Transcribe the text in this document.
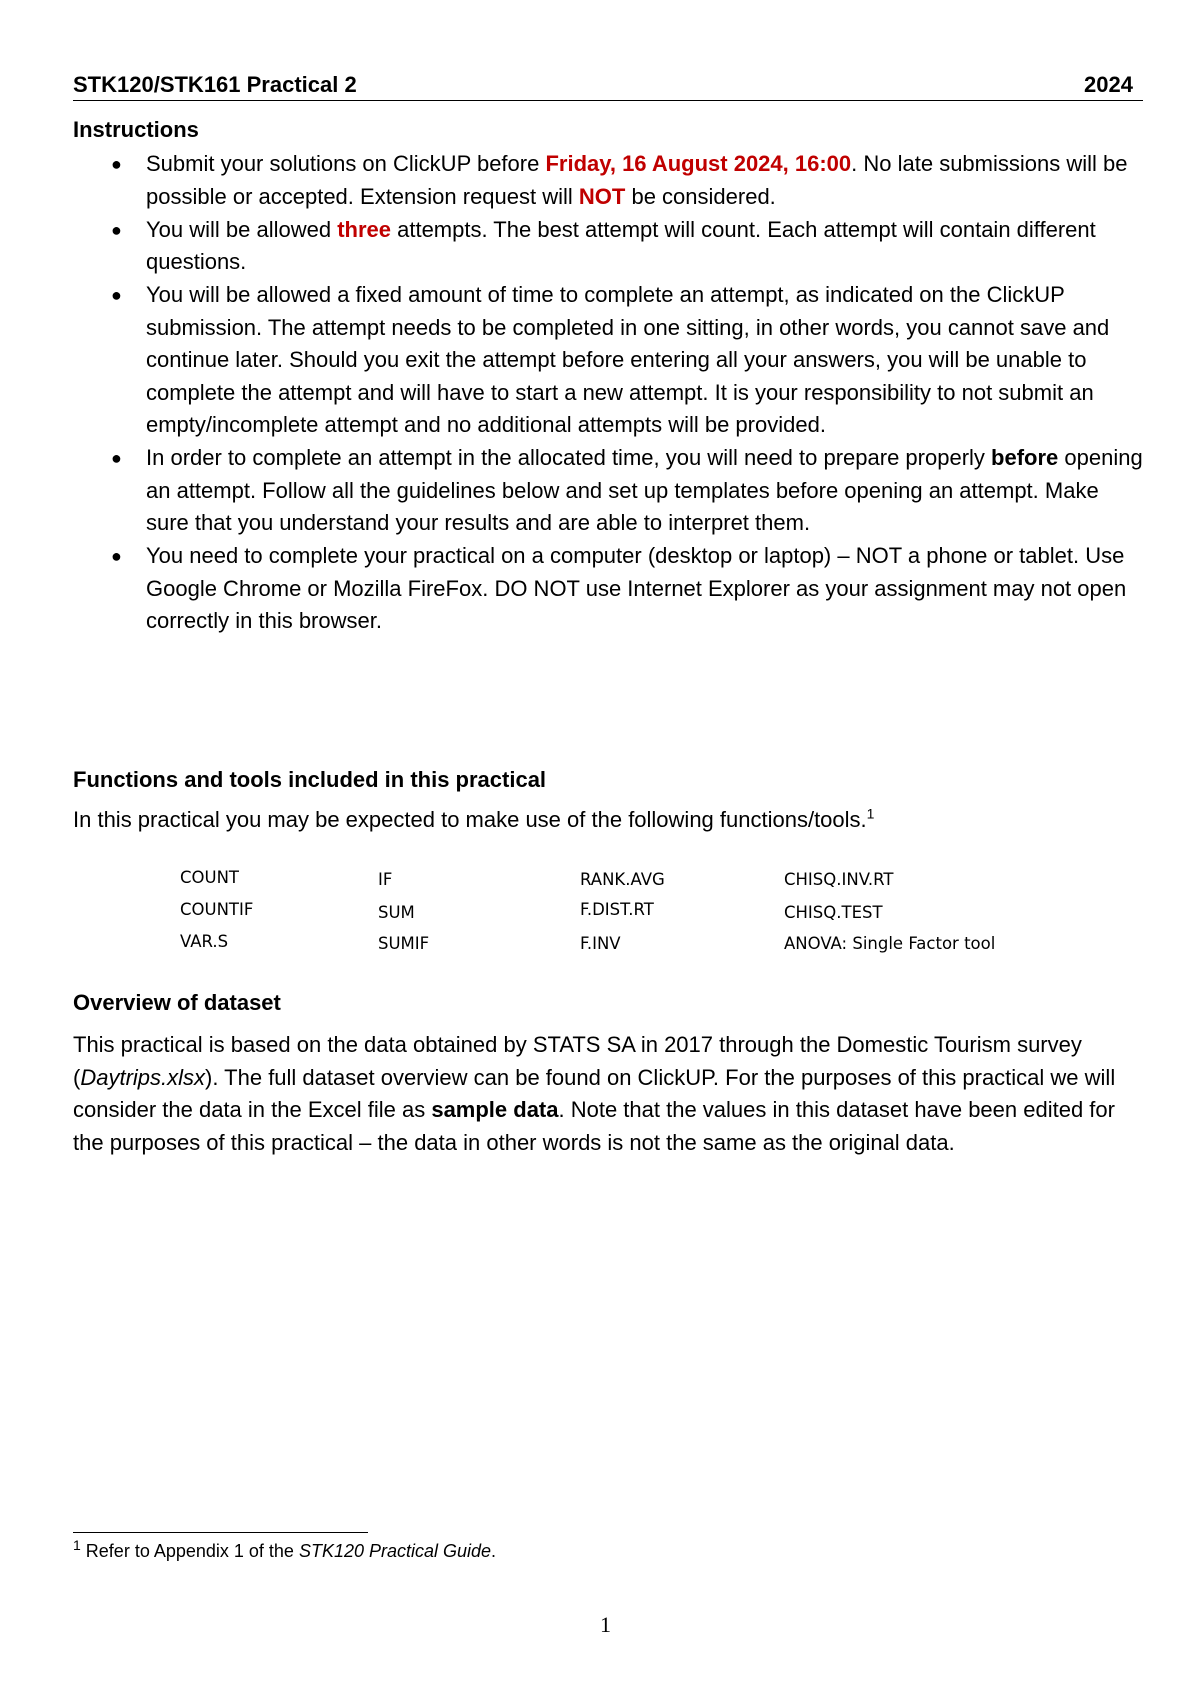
STK120/STK161 Practical 2	2024
Instructions
● Submit your solutions on ClickUP before Friday, 16 August 2024, 16:00. No late submissions will be possible or accepted. Extension request will NOT be considered.
● You will be allowed three attempts. The best attempt will count. Each attempt will contain different questions.
● You will be allowed a fixed amount of time to complete an attempt, as indicated on the ClickUP submission. The attempt needs to be completed in one sitting, in other words, you cannot save and continue later. Should you exit the attempt before entering all your answers, you will be unable to complete the attempt and will have to start a new attempt. It is your responsibility to not submit an empty/incomplete attempt and no additional attempts will be provided.
● In order to complete an attempt in the allocated time, you will need to prepare properly before opening an attempt. Follow all the guidelines below and set up templates before opening an attempt. Make sure that you understand your results and are able to interpret them.
● You need to complete your practical on a computer (desktop or laptop) – NOT a phone or tablet. Use Google Chrome or Mozilla FireFox. DO NOT use Internet Explorer as your assignment may not open correctly in this browser.
Functions and tools included in this practical

In this practical you may be expected to make use of the following functions/tools.$^1$

COUNT	IF	RANK.AVG	CHISQ.INV.RT
COUNTIF	SUM	F.DIST.RT	CHISQ.TEST
VAR.S	SUMIF	F.INV	ANOVA: Single Factor tool
Overview of dataset

This practical is based on the data obtained by STATS SA in 2017 through the Domestic Tourism survey (Daytrips.xlsx). The full dataset overview can be found on ClickUP. For the purposes of this practical we will consider the data in the Excel file as sample data. Note that the values in this dataset have been edited for the purposes of this practical – the data in other words is not the same as the original data.

$^1$ Refer to Appendix 1 of the STK120 Practical Guide.
1
